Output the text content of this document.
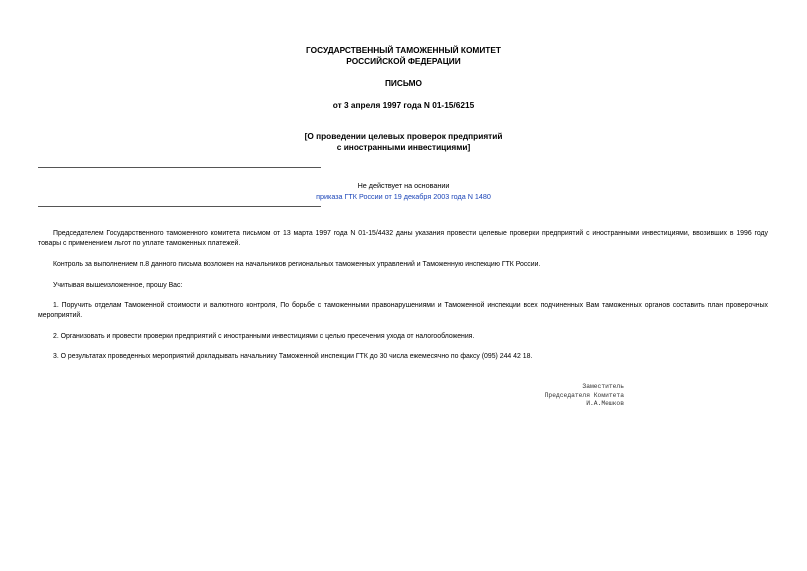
ГОСУДАРСТВЕННЫЙ ТАМОЖЕННЫЙ КОМИТЕТ
РОССИЙСКОЙ ФЕДЕРАЦИИ
ПИСЬМО
от 3 апреля 1997 года N 01-15/6215
[О проведении целевых проверок предприятий
с иностранными инвестициями]
Не действует на основании
приказа ГТК России от 19 декабря 2003 года N 1480
Председателем Государственного таможенного комитета письмом от 13 марта 1997 года N 01-15/4432 даны указания провести целевые проверки предприятий с иностранными инвестициями, ввозивших в 1996 году товары с применением льгот по уплате таможенных платежей.
Контроль за выполнением п.8 данного письма возложен на начальников региональных таможенных управлений и Таможенную инспекцию ГТК России.
Учитывая вышеизложенное, прошу Вас:
1. Поручить отделам Таможенной стоимости и валютного контроля, По борьбе с таможенными правонарушениями и Таможенной инспекции всех подчиненных Вам таможенных органов составить план проверочных мероприятий.
2. Организовать и провести проверки предприятий с иностранными инвестициями с целью пресечения ухода от налогообложения.
3. О результатах проведенных мероприятий докладывать начальнику Таможенной инспекции ГТК до 30 числа ежемесячно по факсу (095) 244 42 18.
Заместитель
Председателя Комитета
И.А.Мешков
